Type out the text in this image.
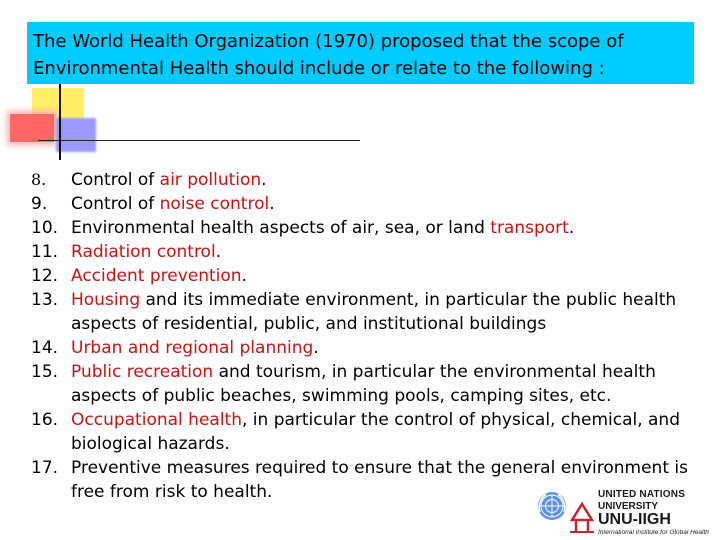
The World Health Organization (1970) proposed that the scope of
Environmental Health should include or relate to the following :
8. Control of air pollution.
9. Control of noise control.
10. Environmental health aspects of air, sea, or land transport.
11. Radiation control.
12. Accident prevention.
13. Housing and its immediate environment, in particular the public health aspects of residential, public, and institutional buildings
14. Urban and regional planning.
15. Public recreation and tourism, in particular the environmental health aspects of public beaches, swimming pools, camping sites, etc.
16. Occupational health, in particular the control of physical, chemical, and biological hazards.
17. Preventive measures required to ensure that the general environment is free from risk to health.	UNITED NATIONS
UNIVERSITY
UNU-IIGH
International Institute for Global Health
